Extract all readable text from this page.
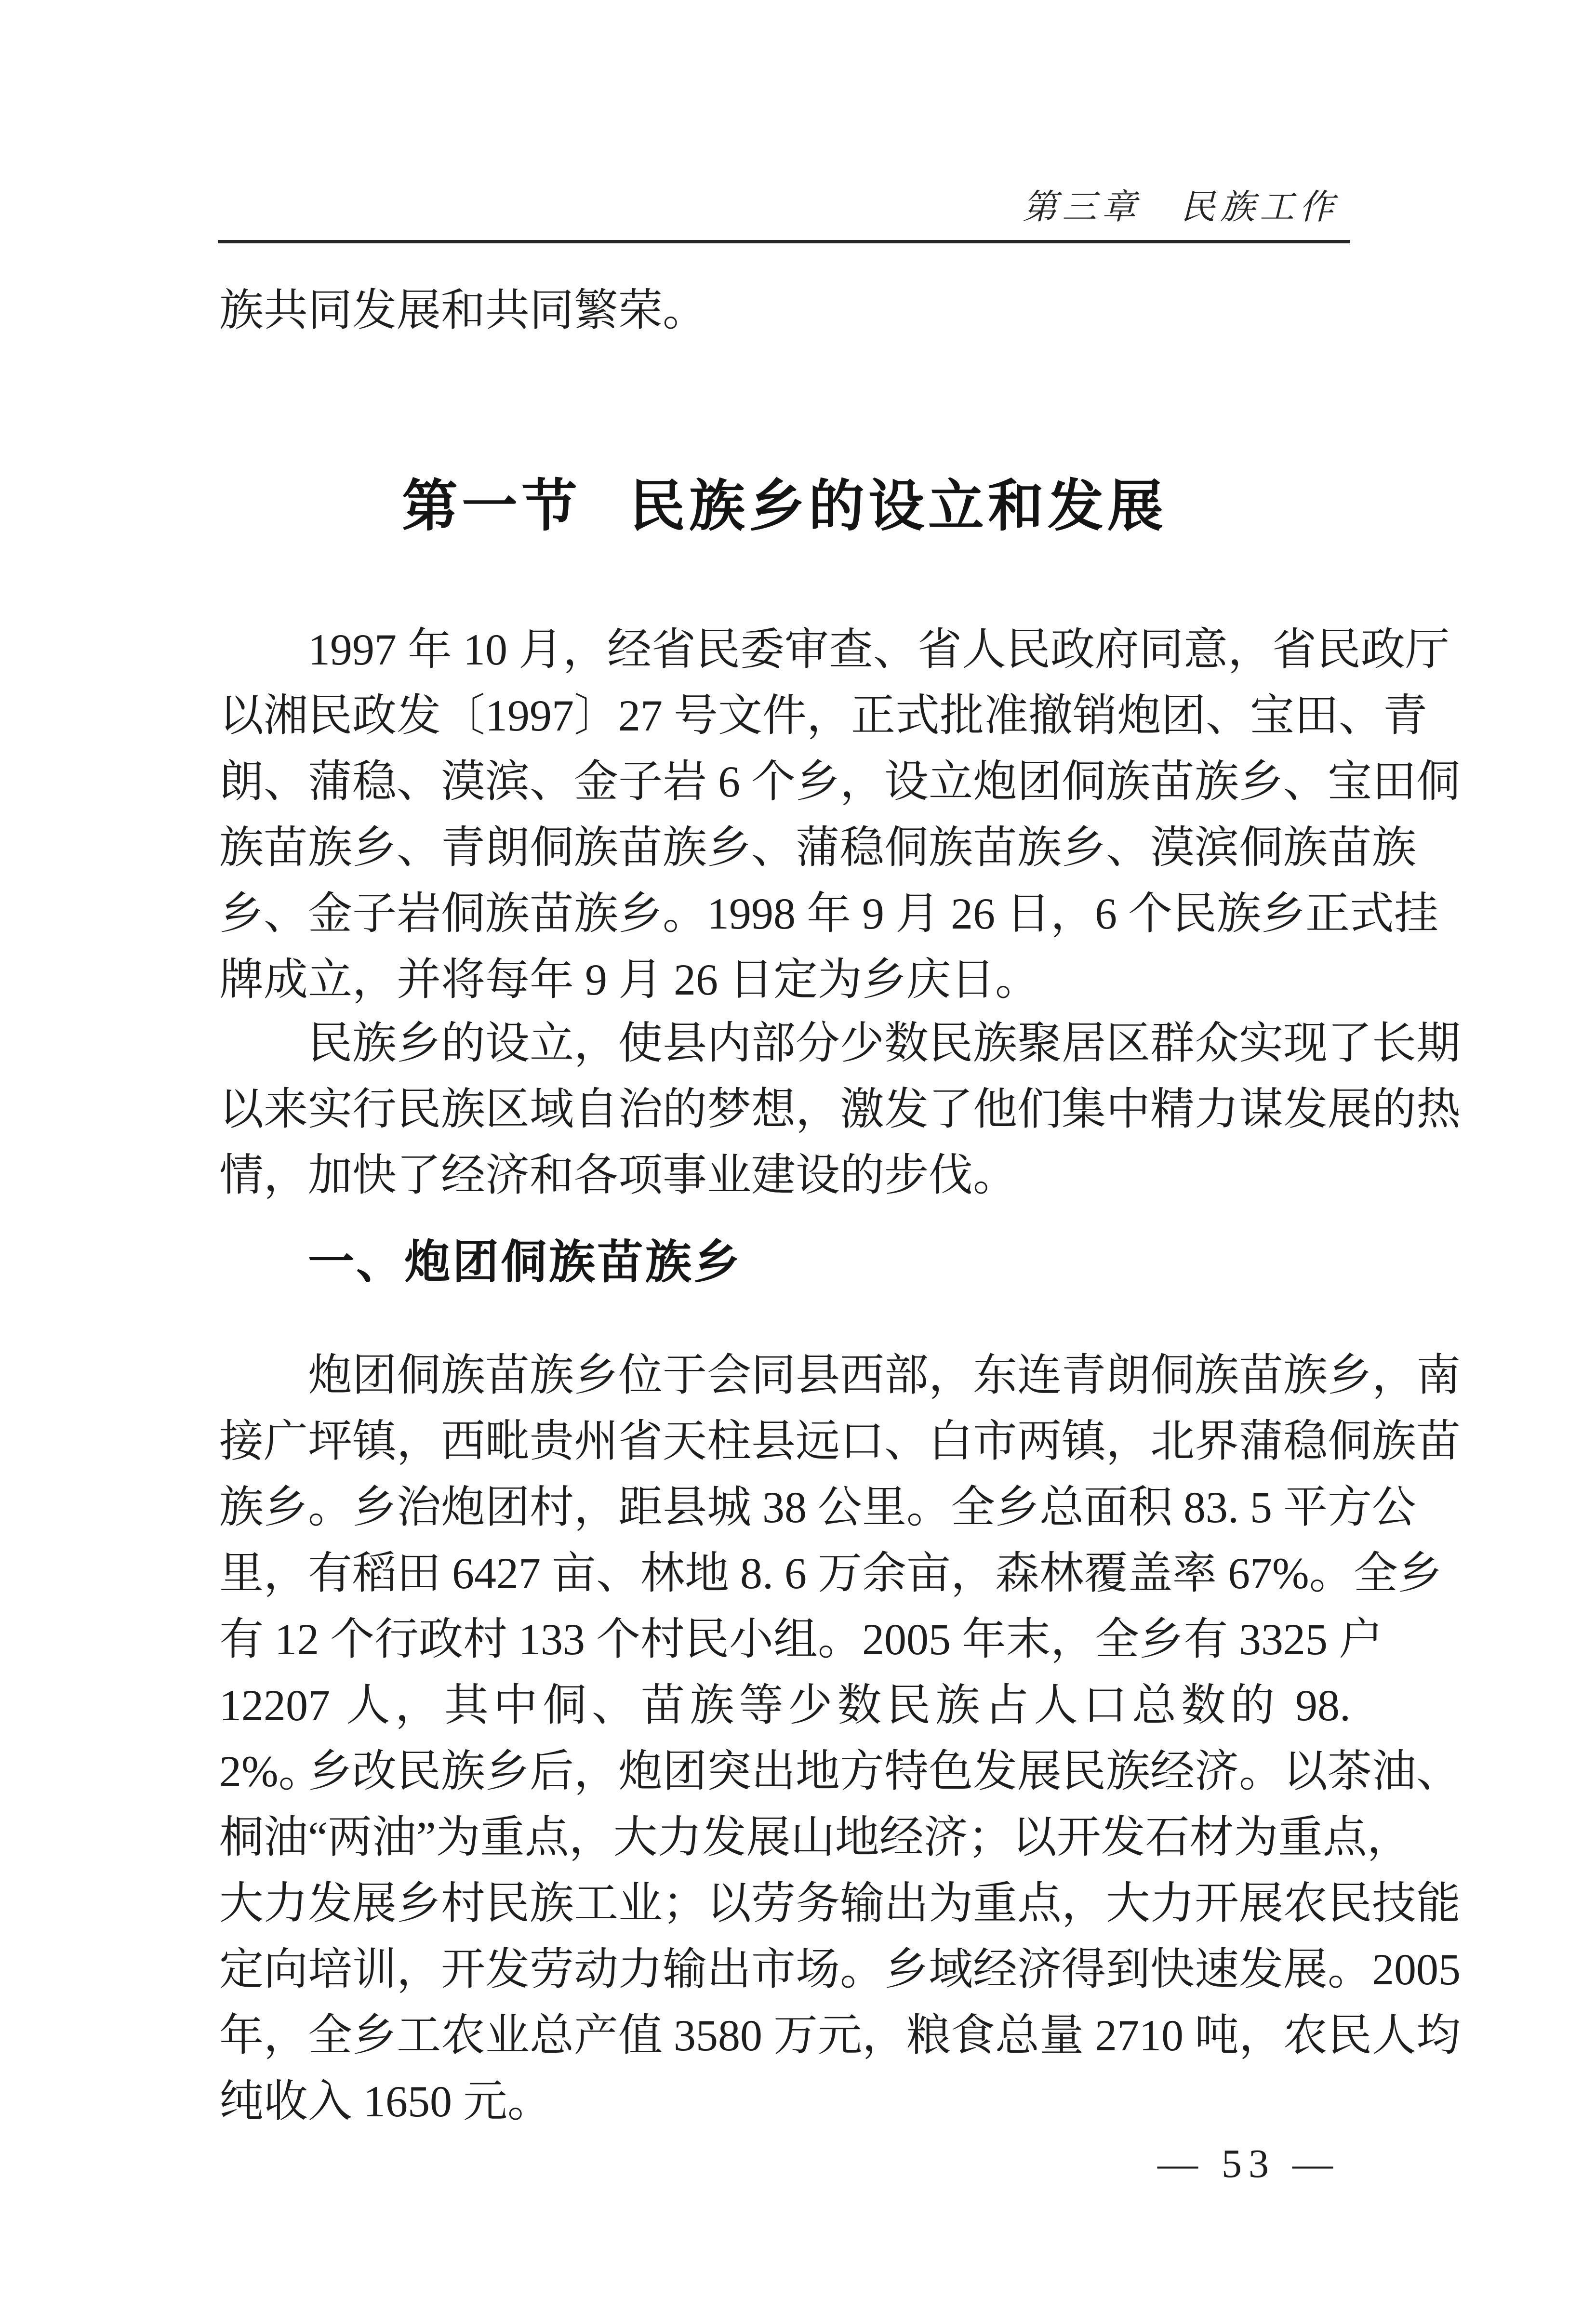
第三章　民族工作
族共同发展和共同繁荣。
第一节 民族乡的设立和发展
1997 年 10 月，经省民委审查、省人民政府同意，省民政厅
以湘民政发〔1997〕27 号文件，正式批准撤销炮团、宝田、青
朗、蒲稳、漠滨、金子岩 6 个乡，设立炮团侗族苗族乡、宝田侗
族苗族乡、青朗侗族苗族乡、蒲稳侗族苗族乡、漠滨侗族苗族
乡、金子岩侗族苗族乡。1998 年 9 月 26 日，6 个民族乡正式挂
牌成立，并将每年 9 月 26 日定为乡庆日。
民族乡的设立，使县内部分少数民族聚居区群众实现了长期
以来实行民族区域自治的梦想，激发了他们集中精力谋发展的热
情，加快了经济和各项事业建设的步伐。
一、炮团侗族苗族乡
炮团侗族苗族乡位于会同县西部，东连青朗侗族苗族乡，南
接广坪镇，西毗贵州省天柱县远口、白市两镇，北界蒲稳侗族苗
族乡。乡治炮团村，距县城 38 公里。全乡总面积 83. 5 平方公
里，有稻田 6427 亩、林地 8. 6 万余亩，森林覆盖率 67%。全乡
有 12 个行政村 133 个村民小组。2005 年末，全乡有 3325 户
12207 人，其中侗、苗族等少数民族占人口总数的 98. 2%。
乡改民族乡后，炮团突出地方特色发展民族经济。以茶油、
桐油“两油”为重点，大力发展山地经济；以开发石材为重点，
大力发展乡村民族工业；以劳务输出为重点，大力开展农民技能
定向培训，开发劳动力输出市场。乡域经济得到快速发展。2005
年，全乡工农业总产值 3580 万元，粮食总量 2710 吨，农民人均
纯收入 1650 元。
— 53 —
